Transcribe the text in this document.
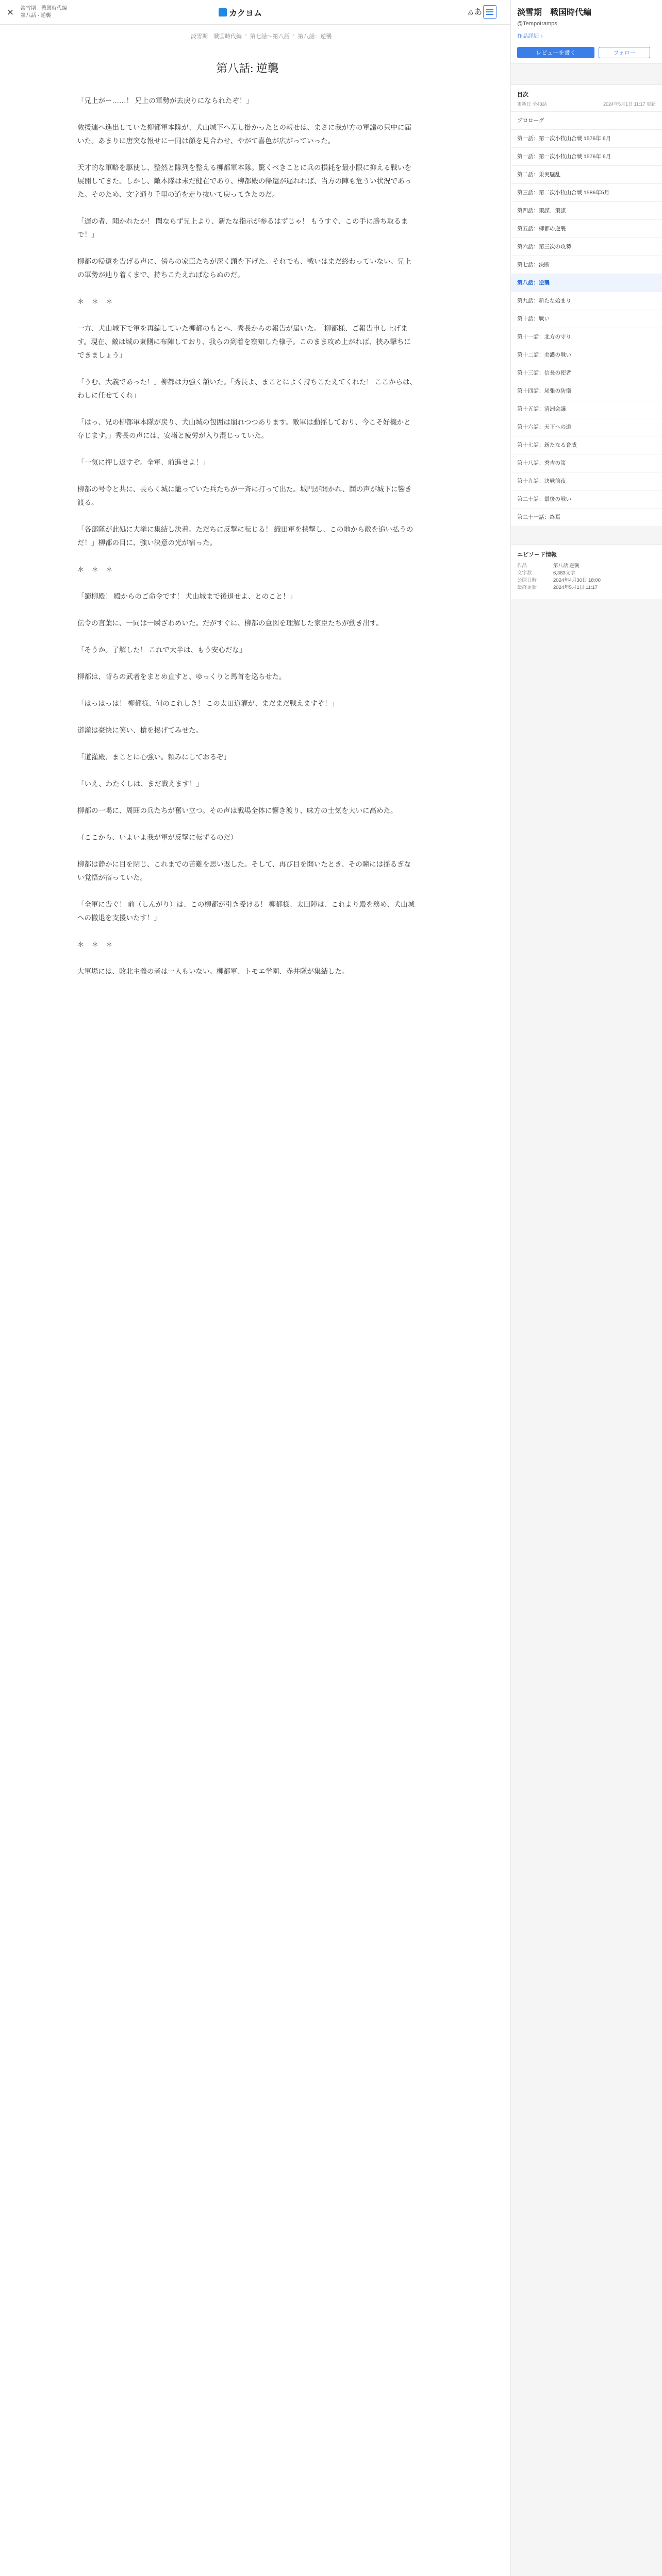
×	淡雪期　戦国時代編
第八話 · 逆襲	カクヨム	ぁあ
淡雪期　戦国時代編 › 第七話～第八話 › 第八話：逆襲
第八話: 逆襲

「兄上がー……！ 兄上の軍勢が去戻りになられたぞ！」

敦援連へ進出していた柳都軍本隊が、犬山城下へ差し掛かったとの報せは、まさに我が方の軍議の只中に届いた。あまりに唐突な報せに一同は顔を見合わせ、やがて喜色が広がっていった。

天才的な軍略を駆使し、整然と隊列を整える柳都軍本隊。驚くべきことに兵の損耗を最小限に抑える戦いを展開してきた。しかし、敵本隊は未だ健在であり、柳都殿の帰還が遅れれば、当方の陣も危うい状況であった。そのため、文字通り千里の道を走り抜いて戻ってきたのだ。

「遅の者、聞かれたか！ 聞ならず兄上より、新たな指示が参るはずじゃ！ もうすぐ、この手に勝ち取るまで！」

柳都の帰還を告げる声に、傍らの家臣たちが深く頭を下げた。それでも、戦いはまだ終わっていない。兄上の軍勢が辿り着くまで、持ちこたえねばならぬのだ。

＊＊＊

一方、犬山城下で軍を再編していた柳都のもとへ、秀長からの報告が届いた。「柳都様、ご報告申し上げます。現在、敵は城の東側に布陣しており、我らの到着を察知した様子。このまま攻め上がれば、挟み撃ちにできましょう」

「うむ、大義であった！」柳都は力強く頷いた。「秀長よ、まことによく持ちこたえてくれた！ ここからは、わしに任せてくれ」

「はっ、兄の柳都軍本隊が戻り、犬山城の包囲は崩れつつあります。敵軍は動揺しており、今こそ好機かと存じます。」秀長の声には、安堵と疲労が入り混じっていた。

「一気に押し返すぞ。全軍、前進せよ！」

柳都の号令と共に、長らく城に籠っていた兵たちが一斉に打って出た。城門が開かれ、鬨の声が城下に響き渡る。

「各部隊が此処に大挙に集結し決着。ただちに反撃に転じる！ 織田軍を挟撃し、この地から敵を追い払うのだ！」柳都の目に、強い決意の光が宿った。

＊＊＊

「蜀柳殿！ 殿からのご命令です！ 犬山城まで後退せよ、とのこと！」

伝令の言葉に、一同は一瞬ざわめいた。だがすぐに、柳都の意図を理解した家臣たちが動き出す。

「そうか。了解した！ これで大半は、もう安心だな」

柳都は、背らの武者をまとめ直すと、ゆっくりと馬首を巡らせた。

「はっはっは！ 柳都様、何のこれしき！ この太田道灌が、まだまだ戦えますぞ！」

道灌は豪快に笑い、槍を掲げてみせた。

「道灌殿、まことに心強い。頼みにしておるぞ」

「いえ、わたくしは、まだ戦えます！」

柳都の一喝に、周囲の兵たちが奮い立つ。その声は戦場全体に響き渡り、味方の士気を大いに高めた。

（ここから、いよいよ我が軍が反撃に転ずるのだ）

柳都は静かに目を閉じ、これまでの苦難を思い返した。そして、再び目を開いたとき、その瞳には揺るぎない覚悟が宿っていた。

「全軍に告ぐ！ 前（しんがり）は、この柳都が引き受ける！ 柳都様、太田陣は、これより殿を務め、犬山城への撤退を支援いたす！」

＊＊＊

大軍場には、敗北主義の者は一人もいない。柳都軍、トモエ学園、赤井隊が集結した。

淡雪期　戦国時代編
@Tempotramps
作品詳細 ›
レビューを書く	フォロー
目次
更新日 全43話	2024年5月1日 11:17 更新
プロローグ
第一話：第一次小牧山合戦 1576年 6月
第一話：第一次小牧山合戦 1576年 6月
第二話：果実騒乱
第三話：第二次小牧山合戦 1586年5月
第四話：策謀、策謀
第五話：柳都の逆襲
第六話：第三次の攻勢
第七話：決断
第八話：逆襲
第九話：新たな始まり
第十話：戦い
第十一話：北方の守り
第十二話：美濃の戦い
第十三話：信長の使者
第十四話：尾張の防衛
第十五話：清洲会議
第十六話：天下への道
第十七話：新たなる脅威
第十八話：秀吉の策
第十九話：決戦前夜
第二十話：最後の戦い
第二十一話：終焉
エピソード情報
作品	第八話 逆襲
文字数	6,383文字
公開日時	2024年4月30日 18:00
最終更新	2024年5月1日 11:17
